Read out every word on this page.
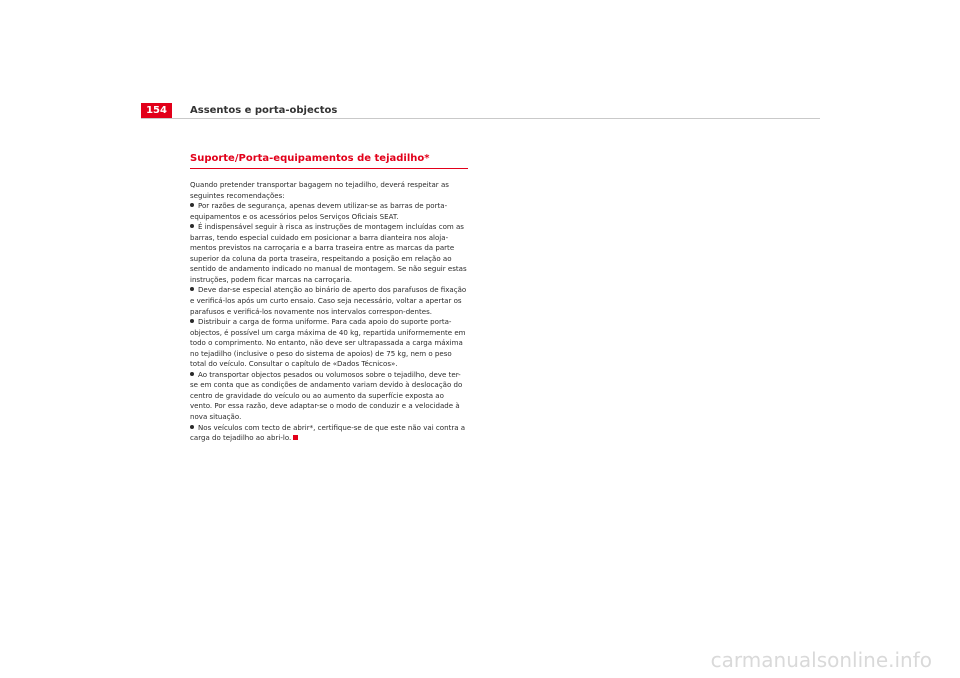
154	Assentos e porta-objectos
Suporte/Porta-equipamentos de tejadilho*

Quando pretender transportar bagagem no tejadilho, deverá respeitar as seguintes recomendações:

Por razões de segurança, apenas devem utilizar-se as barras de porta-equipamentos e os acessórios pelos Serviços Oficiais SEAT.

É indispensável seguir à risca as instruções de montagem incluídas com as barras, tendo especial cuidado em posicionar a barra dianteira nos aloja-mentos previstos na carroçaria e a barra traseira entre as marcas da parte superior da coluna da porta traseira, respeitando a posição em relação ao sentido de andamento indicado no manual de montagem. Se não seguir estas instruções, podem ficar marcas na carroçaria.

Deve dar-se especial atenção ao binário de aperto dos parafusos de fixação e verificá-los após um curto ensaio. Caso seja necessário, voltar a apertar os parafusos e verificá-los novamente nos intervalos correspon-dentes.

Distribuir a carga de forma uniforme. Para cada apoio do suporte porta-objectos, é possível um carga máxima de 40 kg, repartida uniformemente em todo o comprimento. No entanto, não deve ser ultrapassada a carga máxima no tejadilho (inclusive o peso do sistema de apoios) de 75 kg, nem o peso total do veículo. Consultar o capítulo de «Dados Técnicos».

Ao transportar objectos pesados ou volumosos sobre o tejadilho, deve ter-se em conta que as condições de andamento variam devido à deslocação do centro de gravidade do veículo ou ao aumento da superfície exposta ao vento. Por essa razão, deve adaptar-se o modo de conduzir e a velocidade à nova situação.

Nos veículos com tecto de abrir*, certifique-se de que este não vai contra a carga do tejadilho ao abri-lo.

carmanualsonline.info
